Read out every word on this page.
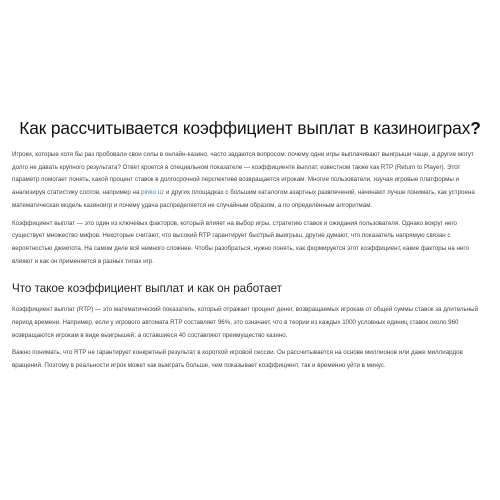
Как рассчитывается коэффициент выплат в казиноиграх?

Игроки, которые хотя бы раз пробовали свои силы в онлайн-казино, часто задаются вопросом: почему одни игры выплачивают выигрыши чаще, а другие могут долго не давать крупного результата? Ответ кроется в специальном показателе — коэффициенте выплат, известном также как RTP (Return to Player). Этот параметр помогает понять, какой процент ставок в долгосрочной перспективе возвращается игрокам. Многие пользователи, изучая игровые платформы и анализируя статистику слотов, например на pinko uz и других площадках с большим каталогом азартных развлечений, начинают лучше понимать, как устроена математическая модель казиноигр и почему удача распределяется не случайным образом, а по определённым алгоритмам.

Коэффициент выплат — это один из ключевых факторов, который влияет на выбор игры, стратегию ставок и ожидания пользователя. Однако вокруг него существует множество мифов. Некоторые считают, что высокий RTP гарантирует быстрый выигрыш, другие думают, что показатель напрямую связан с вероятностью джекпота. На самом деле всё немного сложнее. Чтобы разобраться, нужно понять, как формируется этот коэффициент, какие факторы на него влияют и как он применяется в разных типах игр.

Что такое коэффициент выплат и как он работает

Коэффициент выплат (RTP) — это математический показатель, который отражает процент денег, возвращаемых игрокам от общей суммы ставок за длительный период времени. Например, если у игрового автомата RTP составляет 96%, это означает, что в теории из каждых 1000 условных единиц ставок около 960 возвращаются игрокам в виде выигрышей, а оставшиеся 40 составляют преимущество казино.

Важно понимать, что RTP не гарантирует конкретный результат в короткой игровой сессии. Он рассчитывается на основе миллионов или даже миллиардов вращений. Поэтому в реальности игрок может как выиграть больше, чем показывает коэффициент, так и временно уйти в минус.
